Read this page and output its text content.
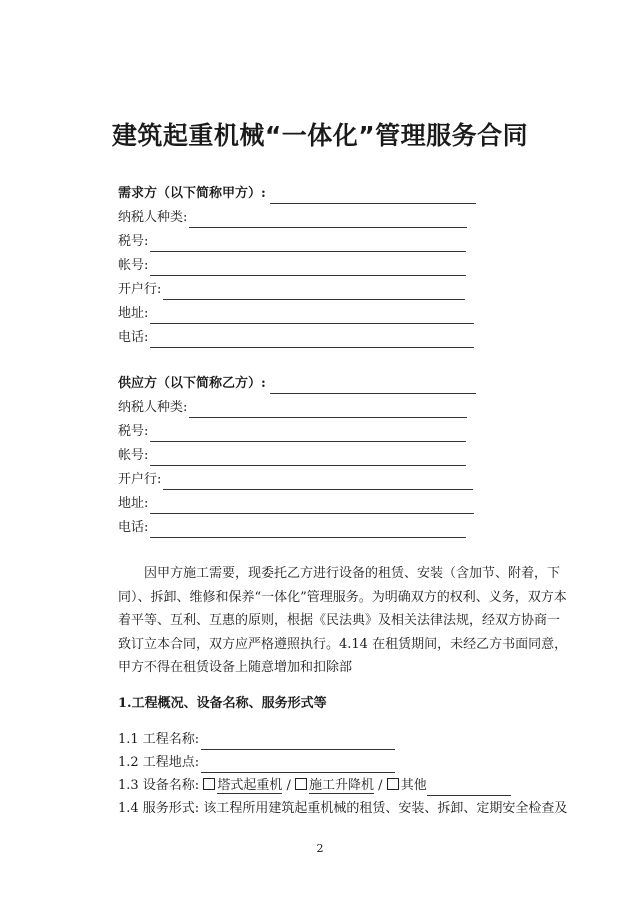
建筑起重机械“一体化”管理服务合同
需求方（以下简称甲方）:
纳税人种类:
税号:
帐号:
开户行:
地址:
电话:
供应方（以下简称乙方）:
纳税人种类:
税号:
帐号:
开户行:
地址:
电话:
　　因甲方施工需要，现委托乙方进行设备的租赁、安装（含加节、附着，下同）、拆卸、维修和保养“一体化”管理服务。为明确双方的权利、义务，双方本着平等、互利、互惠的原则，根据《民法典》及相关法律法规，经双方协商一致订立本合同，双方应严格遵照执行。4.14 在租赁期间，未经乙方书面同意，甲方不得在租赁设备上随意增加和扣除部
1.工程概况、设备名称、服务形式等
1.1 工程名称:
1.2 工程地点:
1.3 设备名称: 塔式起重机 / 施工升降机 / 其他
1.4 服务形式: 该工程所用建筑起重机械的租赁、安装、拆卸、定期安全检查及
2
